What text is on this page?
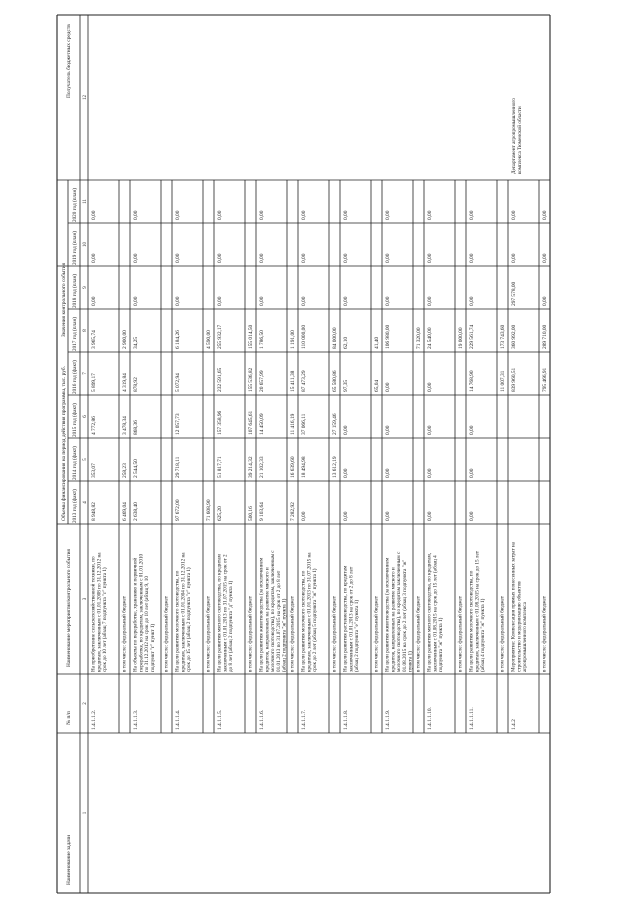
Наименование задачи
№ п/п
Наименование мероприятия/контрольного события
Объемы финансирования на период действия программы, тыс. руб.
Значения контрольного события
Получатель бюджетных средств
2013 год (факт)
2014 год (факт)
2015 год (факт)
2016 год (факт)
2017 год (план)
2018 год (план)
2019 год (план)
2020 год (план)
1
2
3
4
5
6
7
8
9
10
11
12
1.4.1.1.2.
На приобретение сельскохозяйственной техники, покредитам, заключенным с 01.01.2008 по 31.12.2012 насрок до 10 лет (абзац 7 подпункта "г" пункта 1)
8 948,82
353,07
4 772,86
5 899,17
3 965,74
0,00
0,00
0,00
в том числе: федеральный бюджет
6 469,04
258,23
3 478,34
4 319,84
2 900,00
1.4.1.1.3.
На объекты по переработке, хранению и первичнойпереработке, по кредитам, заключенным с 01.01.2010по 31.12.2012 на срок до 10 лет (абзац 9, 10подпункт "г" пункт 1)
2 638,40
2 544,50
868,36
878,92
34,25
0,00
0,00
0,00
в том числе: федеральный бюджет
1.4.1.1.4.
На цели развития молочного скотоводства, покредитам, заключенным с 01.01.2004 по 31.12.2012 насрок до 15 лет (абзац 2 подпункта "г" пункта 1)
97 672,00
29 718,11
12 057,73
5 072,94
6 184,26
0,00
0,00
0,00
в том числе: федеральный бюджет
71 608,90
4 590,00
1.4.1.1.5.
На цели развития мясного скотоводства, по кредитамзаключенным с 01.01.2013 по 31.07.2015 на срок от 2до 8 лет (абзац 2 подпункта "д" пункта 1)
625,20
51 817,71
157 358,96
232 591,65
255 932,17
0,00
0,00
0,00
в том числе: федеральный бюджет
500,16
39 214,32
107 645,61
155 536,82
155 014,50
1.4.1.1.6.
На цели развития животноводства (за исключениемкредитов, направленных на развитие мясного имолочного скотоводства), по кредитам, заключенным с01.01.2013 по 31.07.2015 на срок от 2 до 8 лет(абзац 2 подпункта "ж" пункта 1)
9 103,64
21 102,33
14 450,09
20 657,99
1 786,50
0,00
0,00
0,00
в том числе: федеральный бюджет
7 282,92
16 639,60
11 416,19
15 411,38
1 191,00
1.4.1.1.7.
На цели развития молочного скотоводства, покредитам, заключенным с 01.01.2013 по 31.07.2015 насрок до 2 лет (абзац 5 подпункта "ж" пункта 1)
0,00
18 494,98
37 066,11
87 473,29
110 000,00
0,00
0,00
0,00
в том числе: федеральный бюджет
13 612,19
27 159,46
65 580,86
84 000,00
1.4.1.1.8.
На цели развития растениеводства, по кредитамзаключенным с 01.01.2013 на срок от 2 до 8 лет(абзац 2 подпункта "е" пункта 1)
0,00
0,00
0,00
97,35
62,10
0,00
0,00
0,00
в том числе: федеральный бюджет
65,04
41,40
1.4.1.1.9.
На цели развития животноводства (за исключениемкредитов, направленных на развитие мясного имолочного скотоводства), по кредитам заключенным с01.08.2015 на срок до 2 лет (абзац 3 подпункта "ж"пункта 1)
0,00
0,00
0,00
0,00
106 980,00
0,00
0,00
0,00
в том числе: федеральный бюджет
71 320,00
1.4.1.1.10.
На цели развития мясного скотоводства, по кредитам,заключенным с 01.08.2015 на срок до 15 лет (абзац 4подпункта "ж" пункта 1)
0,00
0,00
0,00
0,00
24 540,00
0,00
0,00
0,00
в том числе: федеральный бюджет
19 000,00
1.4.1.1.11.
На цели развития молочного скотоводства, покредитам, заключенным с 01.08.2015 на срок до 15 лет(абзац 4 подпункта "ж" пункта 1)
0,00
0,00
0,00
14 768,90
229 561,74
0,00
0,00
0,00
в том числе: федеральный бюджет
11 007,31
173 743,60
1.4.2
Мероприятие: Компенсация прямых понесенных затрат настроительство и модернизацию объектовагропромышленного комплекса
839 960,51
360 992,00
297 578,00
0,00
0,00
Департамент агропромышленногокомплекса Тюменской области
в том числе: федеральный бюджет
795 466,91
289 710,00
0,00
0,00
0,00
